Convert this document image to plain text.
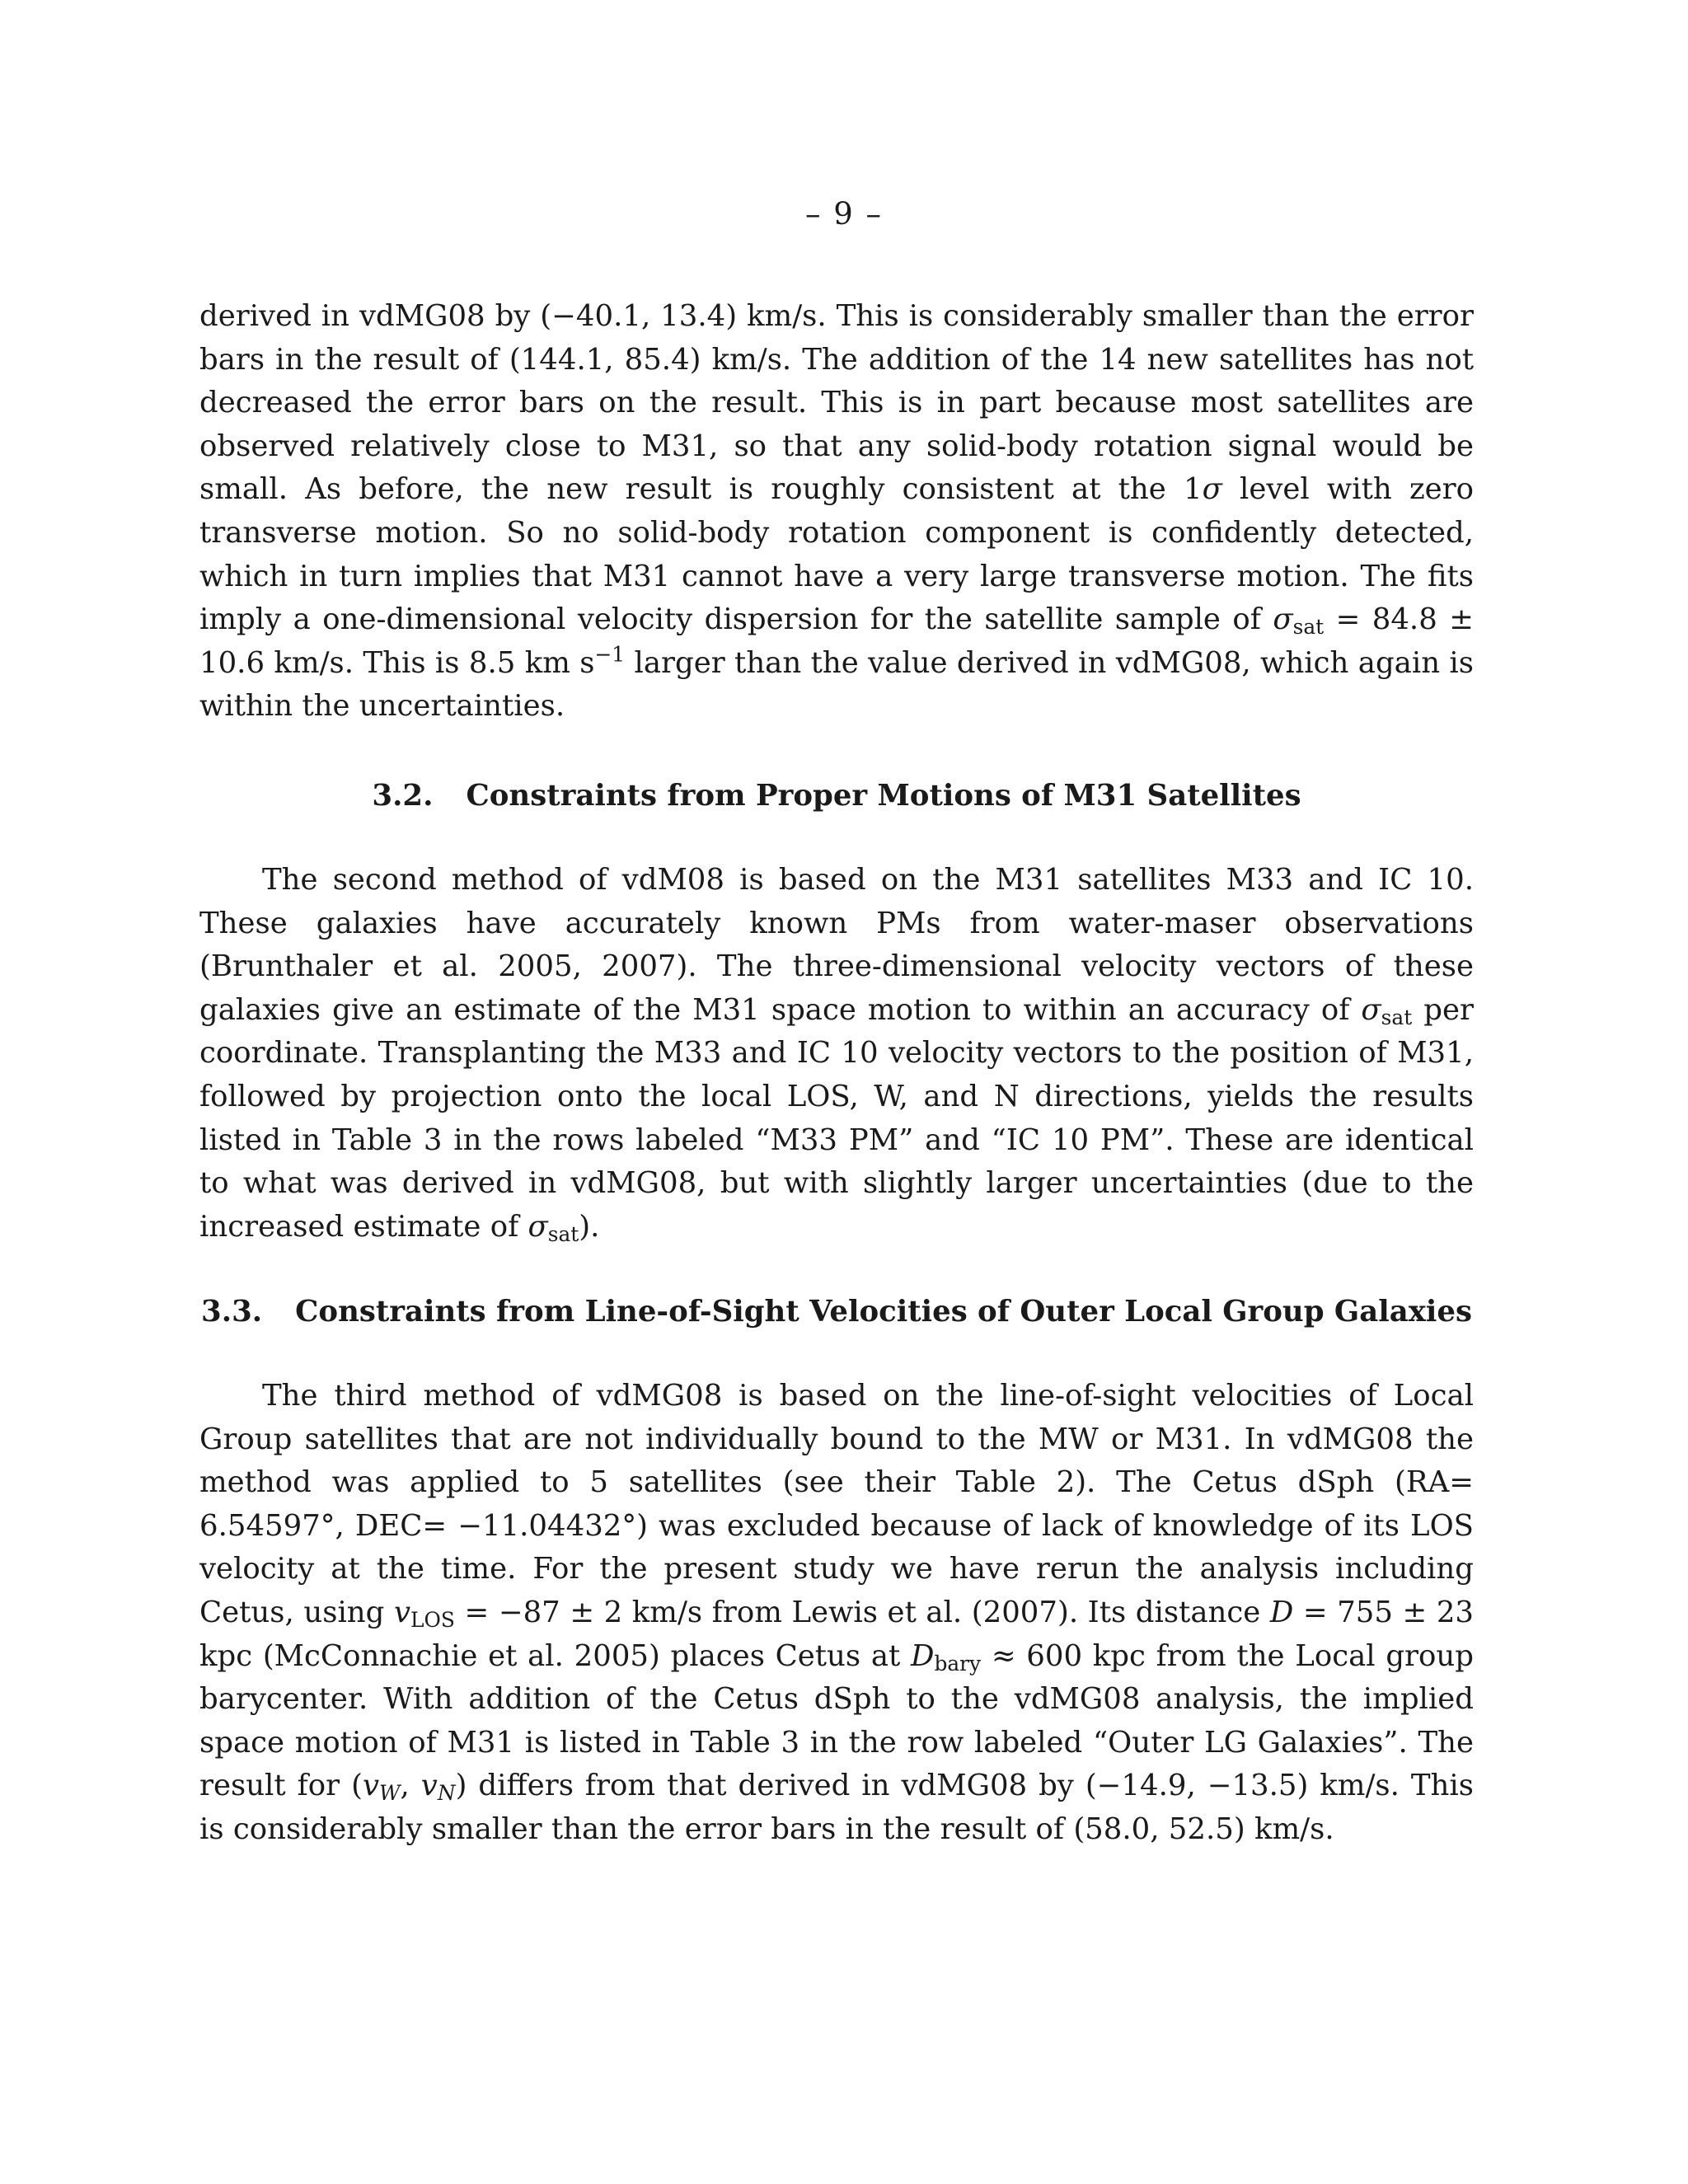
– 9 –

derived in vdMG08 by (−40.1, 13.4) km/s. This is considerably smaller than the error bars in the result of (144.1, 85.4) km/s. The addition of the 14 new satellites has not decreased the error bars on the result. This is in part because most satellites are observed relatively close to M31, so that any solid-body rotation signal would be small. As before, the new result is roughly consistent at the 1σ level with zero transverse motion. So no solid-body rotation component is confidently detected, which in turn implies that M31 cannot have a very large transverse motion. The fits imply a one-dimensional velocity dispersion for the satellite sample of $\sigma_{sat} = 84.8 \pm 10.6$ km/s. This is 8.5 km $s^{-1}$ larger than the value derived in vdMG08, which again is within the uncertainties.

3.2. Constraints from Proper Motions of M31 Satellites

The second method of vdM08 is based on the M31 satellites M33 and IC 10. These galaxies have accurately known PMs from water-maser observations (Brunthaler et al. 2005, 2007). The three-dimensional velocity vectors of these galaxies give an estimate of the M31 space motion to within an accuracy of $\sigma_{sat}$ per coordinate. Transplanting the M33 and IC 10 velocity vectors to the position of M31, followed by projection onto the local LOS, W, and N directions, yields the results listed in Table 3 in the rows labeled “M33 PM” and “IC 10 PM”. These are identical to what was derived in vdMG08, but with slightly larger uncertainties (due to the increased estimate of $\sigma_{sat}$).

3.3. Constraints from Line-of-Sight Velocities of Outer Local Group Galaxies

The third method of vdMG08 is based on the line-of-sight velocities of Local Group satellites that are not individually bound to the MW or M31. In vdMG08 the method was applied to 5 satellites (see their Table 2). The Cetus dSph (RA= 6.54597°, DEC= −11.04432°) was excluded because of lack of knowledge of its LOS velocity at the time. For the present study we have rerun the analysis including Cetus, using $v_{LOS} = -87 \pm 2$ km/s from Lewis et al. (2007). Its distance D = 755 ± 23 kpc (McConnachie et al. 2005) places Cetus at $D_{bary} \approx 600$ kpc from the Local group barycenter. With addition of the Cetus dSph to the vdMG08 analysis, the implied space motion of M31 is listed in Table 3 in the row labeled “Outer LG Galaxies”. The result for ($v_W$, $v_N$) differs from that derived in vdMG08 by (−14.9, −13.5) km/s. This is considerably smaller than the error bars in the result of (58.0, 52.5) km/s.
